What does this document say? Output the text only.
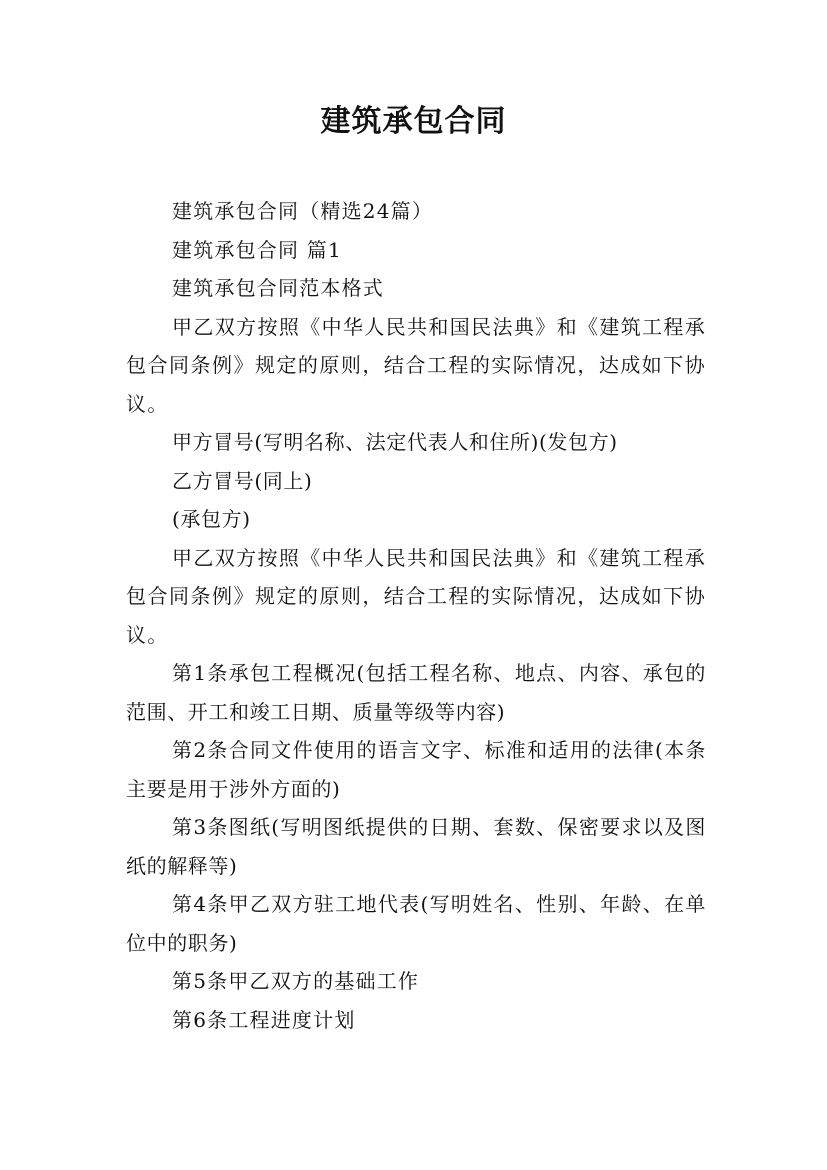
建筑承包合同

建筑承包合同（精选24篇）

建筑承包合同 篇1

建筑承包合同范本格式

甲乙双方按照《中华人民共和国民法典》和《建筑工程承包合同条例》规定的原则，结合工程的实际情况，达成如下协议。

甲方冒号(写明名称、法定代表人和住所)(发包方)

乙方冒号(同上)

(承包方)

甲乙双方按照《中华人民共和国民法典》和《建筑工程承包合同条例》规定的原则，结合工程的实际情况，达成如下协议。

第1条承包工程概况(包括工程名称、地点、内容、承包的范围、开工和竣工日期、质量等级等内容)

第2条合同文件使用的语言文字、标准和适用的法律(本条主要是用于涉外方面的)

第3条图纸(写明图纸提供的日期、套数、保密要求以及图纸的解释等)

第4条甲乙双方驻工地代表(写明姓名、性别、年龄、在单位中的职务)

第5条甲乙双方的基础工作

第6条工程进度计划
